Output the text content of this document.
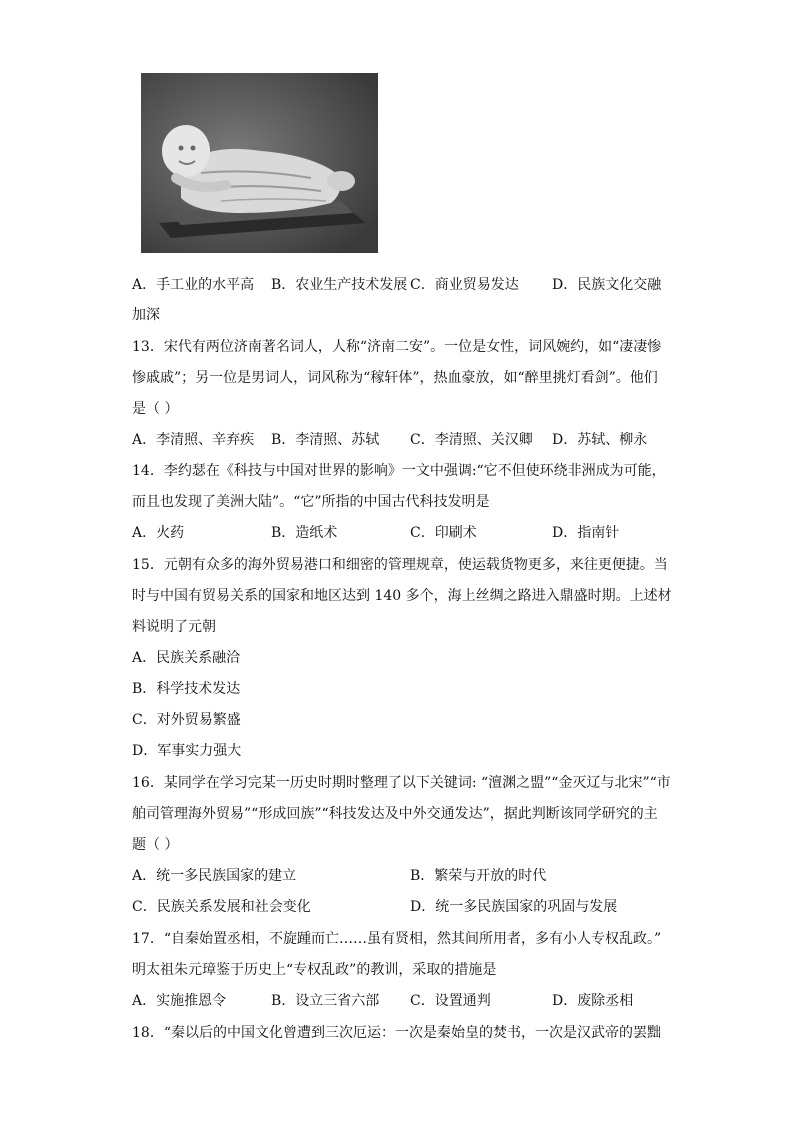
A．手工业的水平高 B．农业生产技术发展 C．商业贸易发达 D．民族文化交融
加深
13．宋代有两位济南著名词人，人称“济南二安”。一位是女性，词风婉约，如“凄凄惨
惨戚戚”；另一位是男词人，词风称为“稼轩体”，热血豪放，如“醉里挑灯看剑”。他们
是（ ）
A．李清照、辛弃疾 B．李清照、苏轼 C．李清照、关汉卿 D．苏轼、柳永
14．李约瑟在《科技与中国对世界的影响》一文中强调:“它不但使环绕非洲成为可能，
而且也发现了美洲大陆”。“它”所指的中国古代科技发明是
A．火药	B．造纸术	C．印刷术	D．指南针
15．元朝有众多的海外贸易港口和细密的管理规章，使运载货物更多，来往更便捷。当
时与中国有贸易关系的国家和地区达到 140 多个，海上丝绸之路进入鼎盛时期。上述材
料说明了元朝
A．民族关系融洽
B．科学技术发达
C．对外贸易繁盛
D．军事实力强大
16．某同学在学习完某一历史时期时整理了以下关键词: “澶渊之盟”“金灭辽与北宋”“市
舶司管理海外贸易”“形成回族”“科技发达及中外交通发达”，据此判断该同学研究的主
题（ ）
A．统一多民族国家的建立	B．繁荣与开放的时代
C．民族关系发展和社会变化	D．统一多民族国家的巩固与发展
17．“自秦始置丞相，不旋踵而亡……虽有贤相，然其间所用者，多有小人专权乱政。”
明太祖朱元璋鉴于历史上“专权乱政”的教训，采取的措施是
A．实施推恩令	B．设立三省六部 C．设置通判	D．废除丞相
18．“秦以后的中国文化曾遭到三次厄运：一次是秦始皇的焚书，一次是汉武帝的罢黜
